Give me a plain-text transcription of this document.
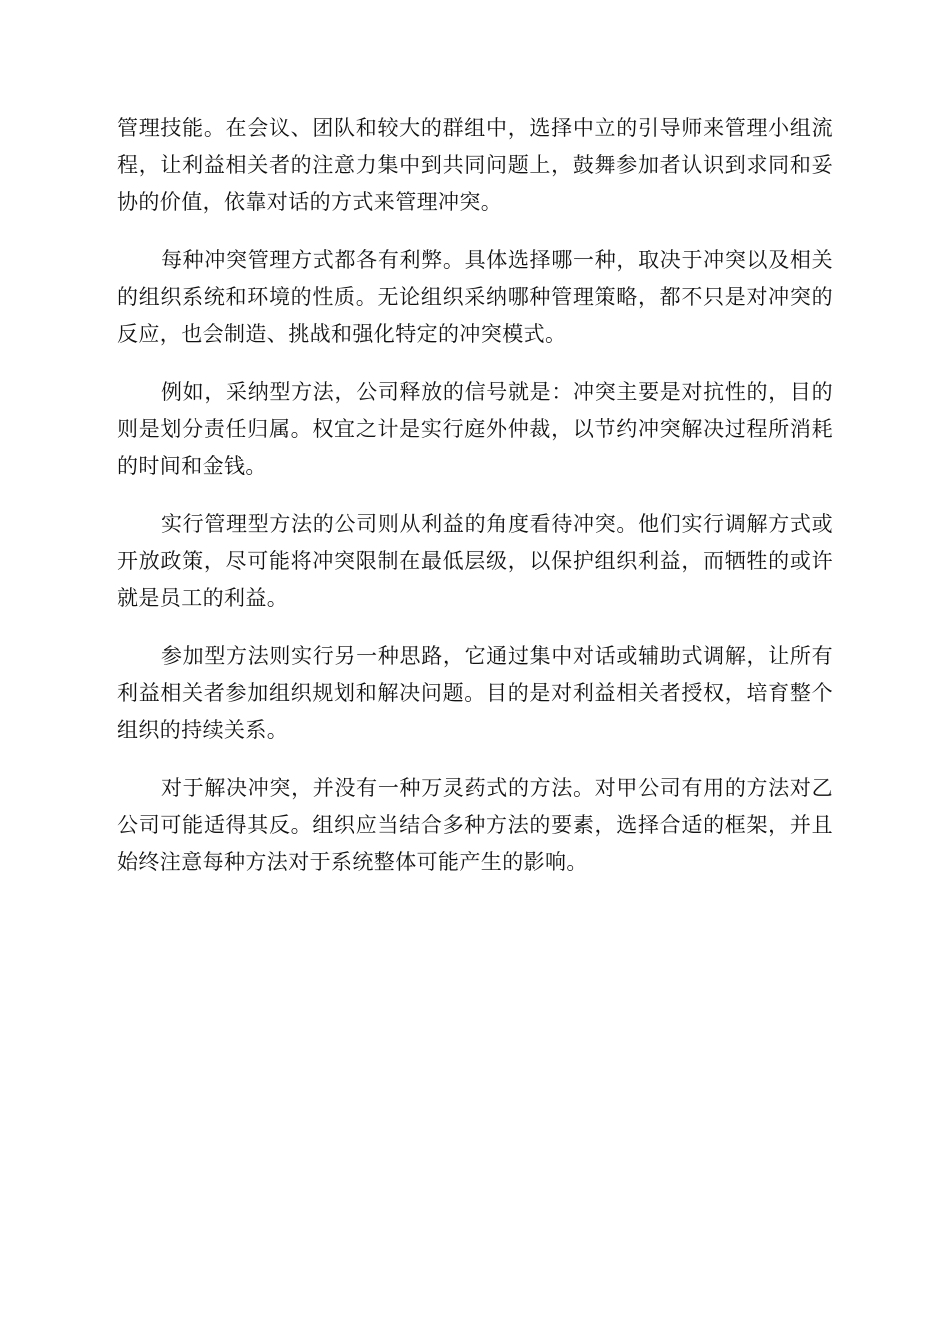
管理技能。在会议、团队和较大的群组中，选择中立的引导师来管理小组流程，让利益相关者的注意力集中到共同问题上，鼓舞参加者认识到求同和妥协的价值，依靠对话的方式来管理冲突。

每种冲突管理方式都各有利弊。具体选择哪一种，取决于冲突以及相关的组织系统和环境的性质。无论组织采纳哪种管理策略，都不只是对冲突的反应，也会制造、挑战和强化特定的冲突模式。

例如，采纳型方法，公司释放的信号就是：冲突主要是对抗性的，目的则是划分责任归属。权宜之计是实行庭外仲裁，以节约冲突解决过程所消耗的时间和金钱。

实行管理型方法的公司则从利益的角度看待冲突。他们实行调解方式或开放政策，尽可能将冲突限制在最低层级，以保护组织利益，而牺牲的或许就是员工的利益。

参加型方法则实行另一种思路，它通过集中对话或辅助式调解，让所有利益相关者参加组织规划和解决问题。目的是对利益相关者授权，培育整个组织的持续关系。

对于解决冲突，并没有一种万灵药式的方法。对甲公司有用的方法对乙公司可能适得其反。组织应当结合多种方法的要素，选择合适的框架，并且始终注意每种方法对于系统整体可能产生的影响。
